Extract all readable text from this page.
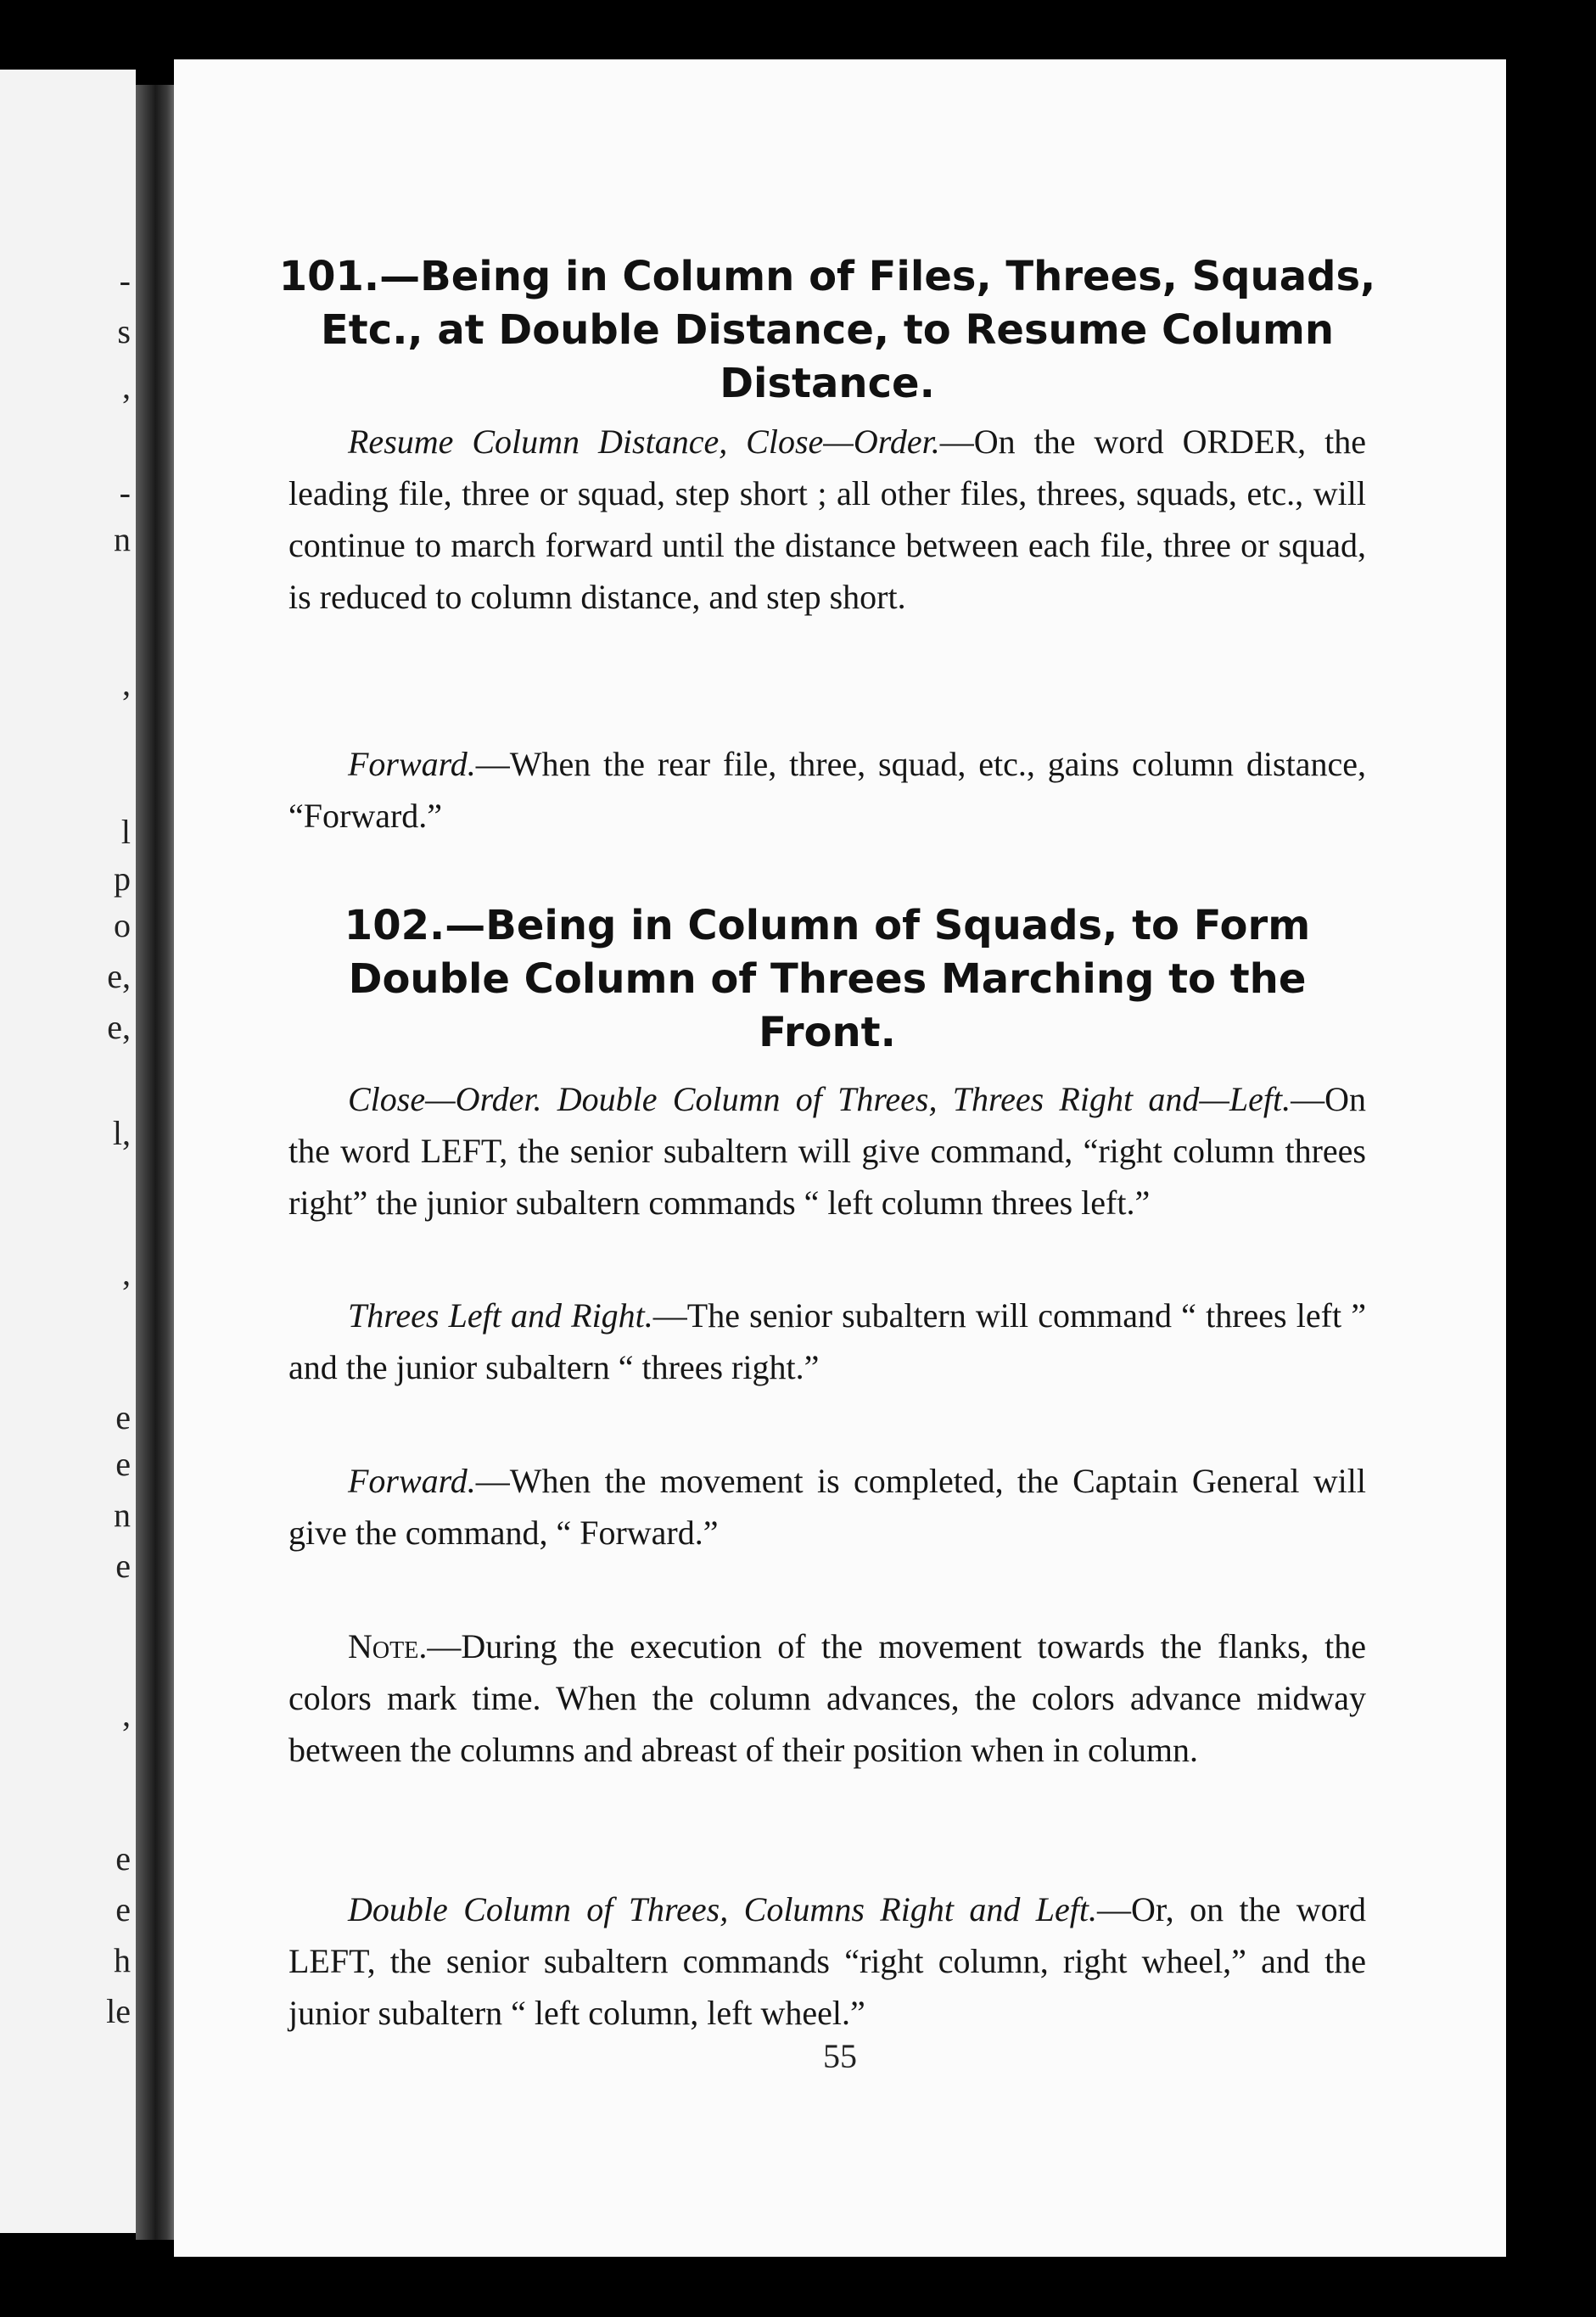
-
s
,
-
n
,
l
p
o
e,
e,
l,
,
e
e
n
e
,
e
e
h
le
101.—Being in Column of Files, Threes, Squads, Etc., at Double Distance, to Resume Column Distance.

Resume Column Distance, Close—Order.—On the word ORDER, the leading file, three or squad, step short ; all other files, threes, squads, etc., will continue to march forward until the distance between each file, three or squad, is reduced to column distance, and step short.

Forward.—When the rear file, three, squad, etc., gains column distance, “Forward.”

102.—Being in Column of Squads, to Form Double Column of Threes Marching to the Front.

Close—Order. Double Column of Threes, Threes Right and—Left.—On the word LEFT, the senior subaltern will give command, “right column threes right” the junior subaltern commands “ left column threes left.”

Threes Left and Right.—The senior subaltern will command “ threes left ” and the junior subaltern “ threes right.”

Forward.—When the movement is completed, the Captain General will give the command, “ Forward.”

Note.—During the execution of the movement towards the flanks, the colors mark time. When the column advances, the colors advance midway between the columns and abreast of their position when in column.

Double Column of Threes, Columns Right and Left.—Or, on the word LEFT, the senior subaltern commands “right column, right wheel,” and the junior subaltern “ left column, left wheel.”

55
